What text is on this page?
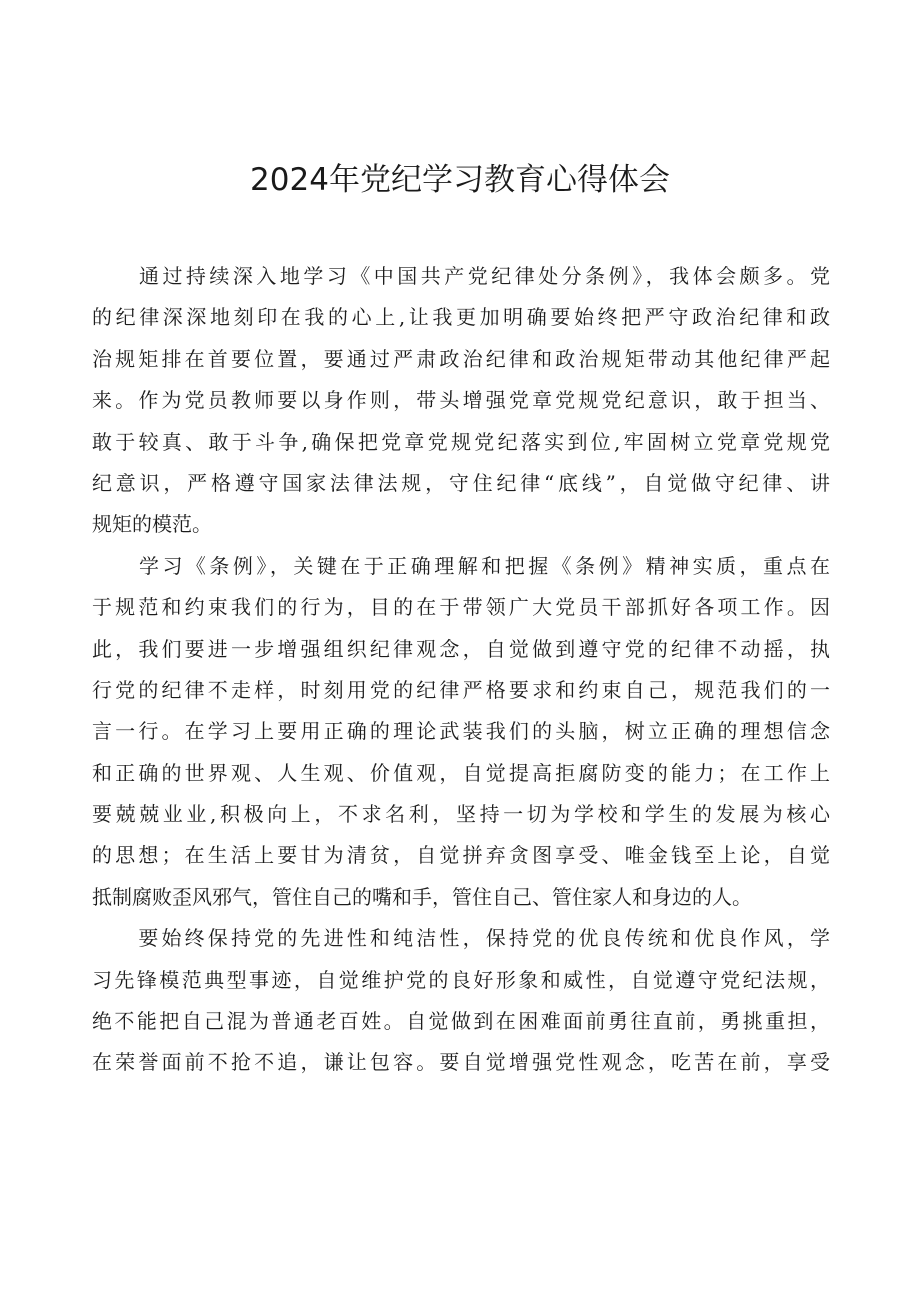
2024年党纪学习教育心得体会
　　通过持续深入地学习《中国共产党纪律处分条例》，我体会颇多。党
的纪律深深地刻印在我的心上,让我更加明确要始终把严守政治纪律和政
治规矩排在首要位置，要通过严肃政治纪律和政治规矩带动其他纪律严起
来。作为党员教师要以身作则，带头增强党章党规党纪意识，敢于担当、
敢于较真、敢于斗争,确保把党章党规党纪落实到位,牢固树立党章党规党
纪意识，严格遵守国家法律法规，守住纪律“底线”，自觉做守纪律、讲
规矩的模范。
　　学习《条例》，关键在于正确理解和把握《条例》精神实质，重点在
于规范和约束我们的行为，目的在于带领广大党员干部抓好各项工作。因
此，我们要进一步增强组织纪律观念，自觉做到遵守党的纪律不动摇，执
行党的纪律不走样，时刻用党的纪律严格要求和约束自己，规范我们的一
言一行。在学习上要用正确的理论武装我们的头脑，树立正确的理想信念
和正确的世界观、人生观、价值观，自觉提高拒腐防变的能力；在工作上
要兢兢业业,积极向上，不求名利，坚持一切为学校和学生的发展为核心
的思想；在生活上要甘为清贫，自觉拼弃贪图享受、唯金钱至上论，自觉
抵制腐败歪风邪气，管住自己的嘴和手，管住自己、管住家人和身边的人。
　　要始终保持党的先进性和纯洁性，保持党的优良传统和优良作风，学
习先锋模范典型事迹，自觉维护党的良好形象和威性，自觉遵守党纪法规，
绝不能把自己混为普通老百姓。自觉做到在困难面前勇往直前，勇挑重担，
在荣誉面前不抢不追，谦让包容。要自觉增强党性观念，吃苦在前，享受
